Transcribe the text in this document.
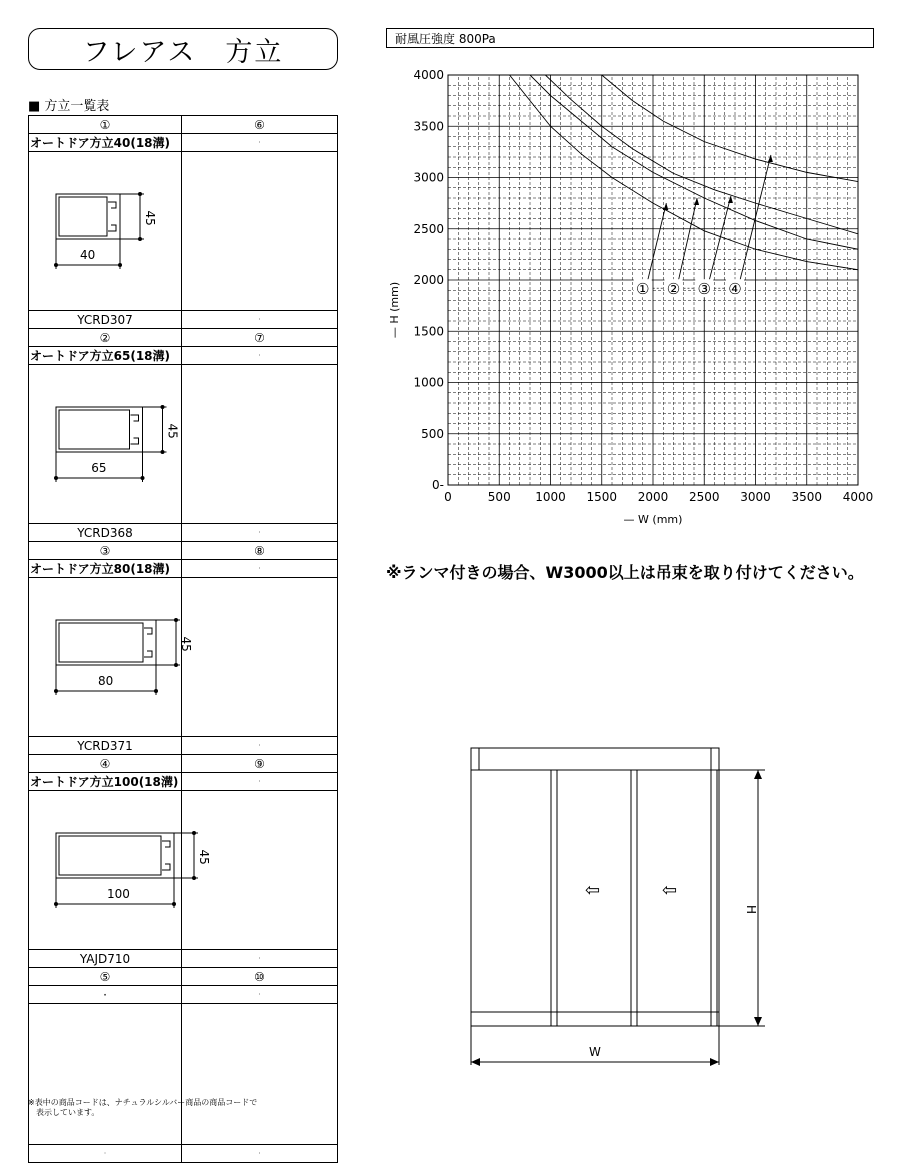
フレアス　方立
■ 方立一覧表
①	⑥
オートドア方立40(18溝)	·

40
45	

YCRD307	·
②	⑦
オートドア方立65(18溝)	·

65
45	

YCRD368	·
③	⑧
オートドア方立80(18溝)	·

80
45	

YCRD371	·
④	⑨
オートドア方立100(18溝)	·

100
45	

YAJD710	·
⑤	⑩
·	·

·	·
※表中の商品コードは、ナチュラルシルバー商品の商品コードで
　表示しています。
耐風圧強度 800Pa
0	500 1000 1500 2000 2500 3000 3500 4000
0-
500
1000
1500
2000
2500
3000
3500
4000
— W (mm)
— H (mm)	① ② ③ ④
※ランマ付きの場合、W3000以上は吊束を取り付けてください。
⇦	⇦
H
W
